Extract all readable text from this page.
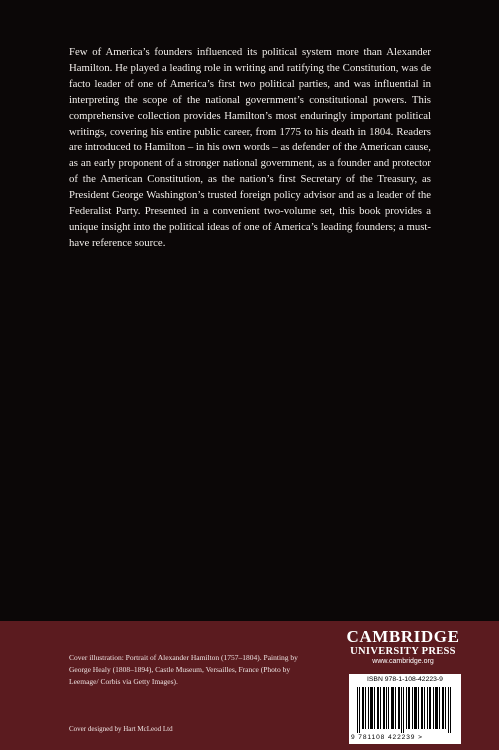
Few of America’s founders influenced its political system more than Alexander Hamilton. He played a leading role in writing and ratifying the Constitution, was de facto leader of one of America’s first two political parties, and was influential in interpreting the scope of the national government’s constitutional powers. This comprehensive collection provides Hamilton’s most enduringly important political writings, covering his entire public career, from 1775 to his death in 1804. Readers are introduced to Hamilton – in his own words – as defender of the American cause, as an early proponent of a stronger national government, as a founder and protector of the American Constitution, as the nation’s first Secretary of the Treasury, as President George Washington’s trusted foreign policy advisor and as a leader of the Federalist Party. Presented in a convenient two-volume set, this book provides a unique insight into the political ideas of one of America’s leading founders; a must-have reference source.

Cover illustration: Portrait of Alexander Hamilton (1757–1804). Painting by George Healy (1808–1894), Castle Museum, Versailles, France (Photo by Leemage/ Corbis via Getty Images).

Cover designed by Hart McLeod Ltd
CAMBRIDGE
UNIVERSITY PRESS
www.cambridge.org
ISBN 978-1-108-42223-9
9 781108 422239 >
